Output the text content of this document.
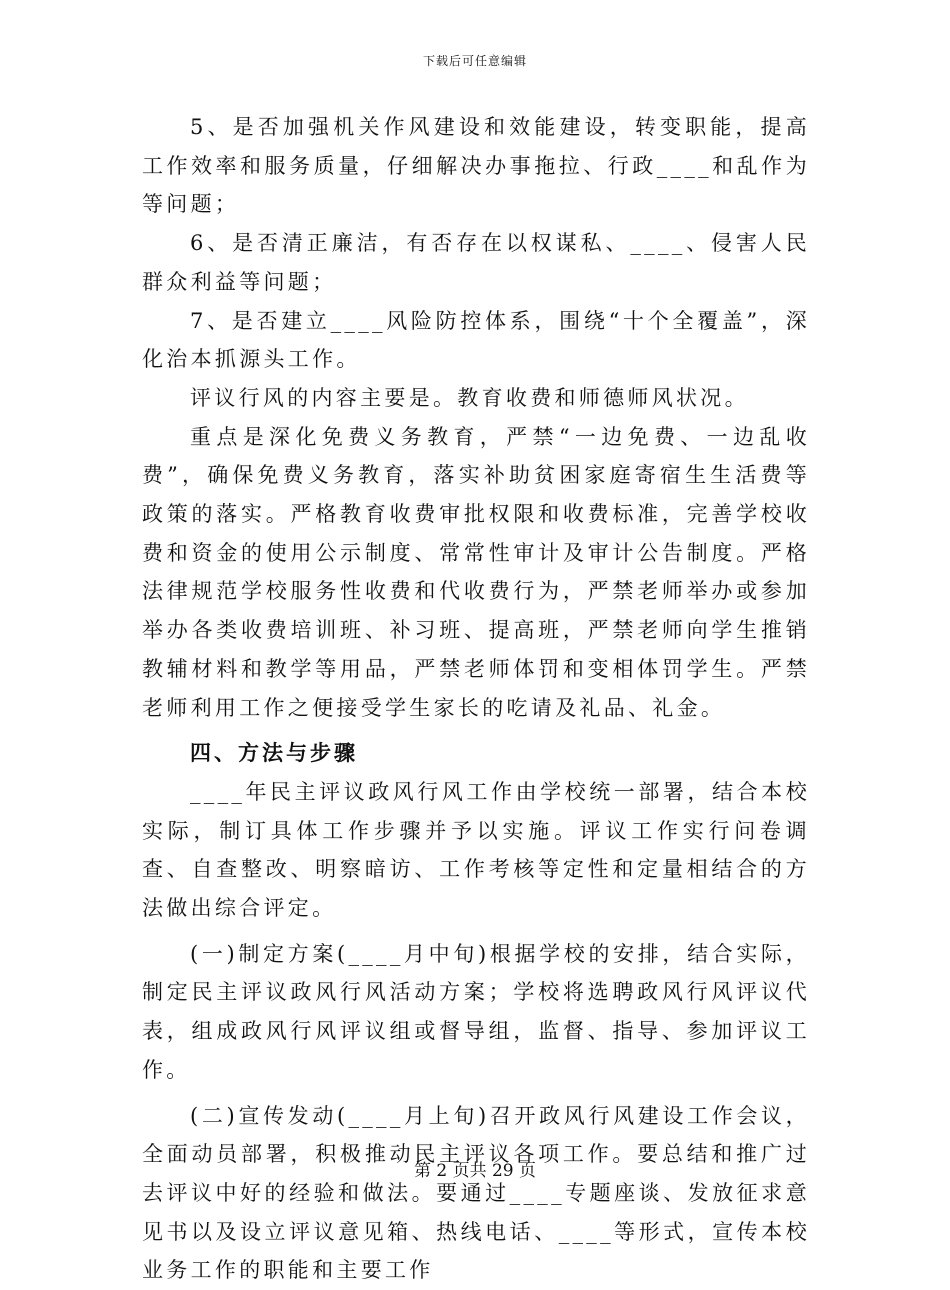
下载后可任意编辑

5、是否加强机关作风建设和效能建设，转变职能，提高工作效率和服务质量，仔细解决办事拖拉、行政____和乱作为等问题；

6、是否清正廉洁，有否存在以权谋私、____、侵害人民群众利益等问题；

7、是否建立____风险防控体系，围绕“十个全覆盖”，深化治本抓源头工作。

评议行风的内容主要是。教育收费和师德师风状况。

重点是深化免费义务教育，严禁“一边免费、一边乱收费”，确保免费义务教育，落实补助贫困家庭寄宿生生活费等政策的落实。严格教育收费审批权限和收费标准，完善学校收费和资金的使用公示制度、常常性审计及审计公告制度。严格法律规范学校服务性收费和代收费行为，严禁老师举办或参加举办各类收费培训班、补习班、提高班，严禁老师向学生推销教辅材料和教学等用品，严禁老师体罚和变相体罚学生。严禁老师利用工作之便接受学生家长的吃请及礼品、礼金。

四、方法与步骤

____年民主评议政风行风工作由学校统一部署，结合本校实际，制订具体工作步骤并予以实施。评议工作实行问卷调查、自查整改、明察暗访、工作考核等定性和定量相结合的方法做出综合评定。

(一)制定方案(____月中旬)根据学校的安排，结合实际，制定民主评议政风行风活动方案；学校将选聘政风行风评议代表，组成政风行风评议组或督导组，监督、指导、参加评议工作。

(二)宣传发动(____月上旬)召开政风行风建设工作会议，全面动员部署，积极推动民主评议各项工作。要总结和推广过去评议中好的经验和做法。要通过____专题座谈、发放征求意见书以及设立评议意见箱、热线电话、____等形式，宣传本校业务工作的职能和主要工作

第 2 页共 29 页
